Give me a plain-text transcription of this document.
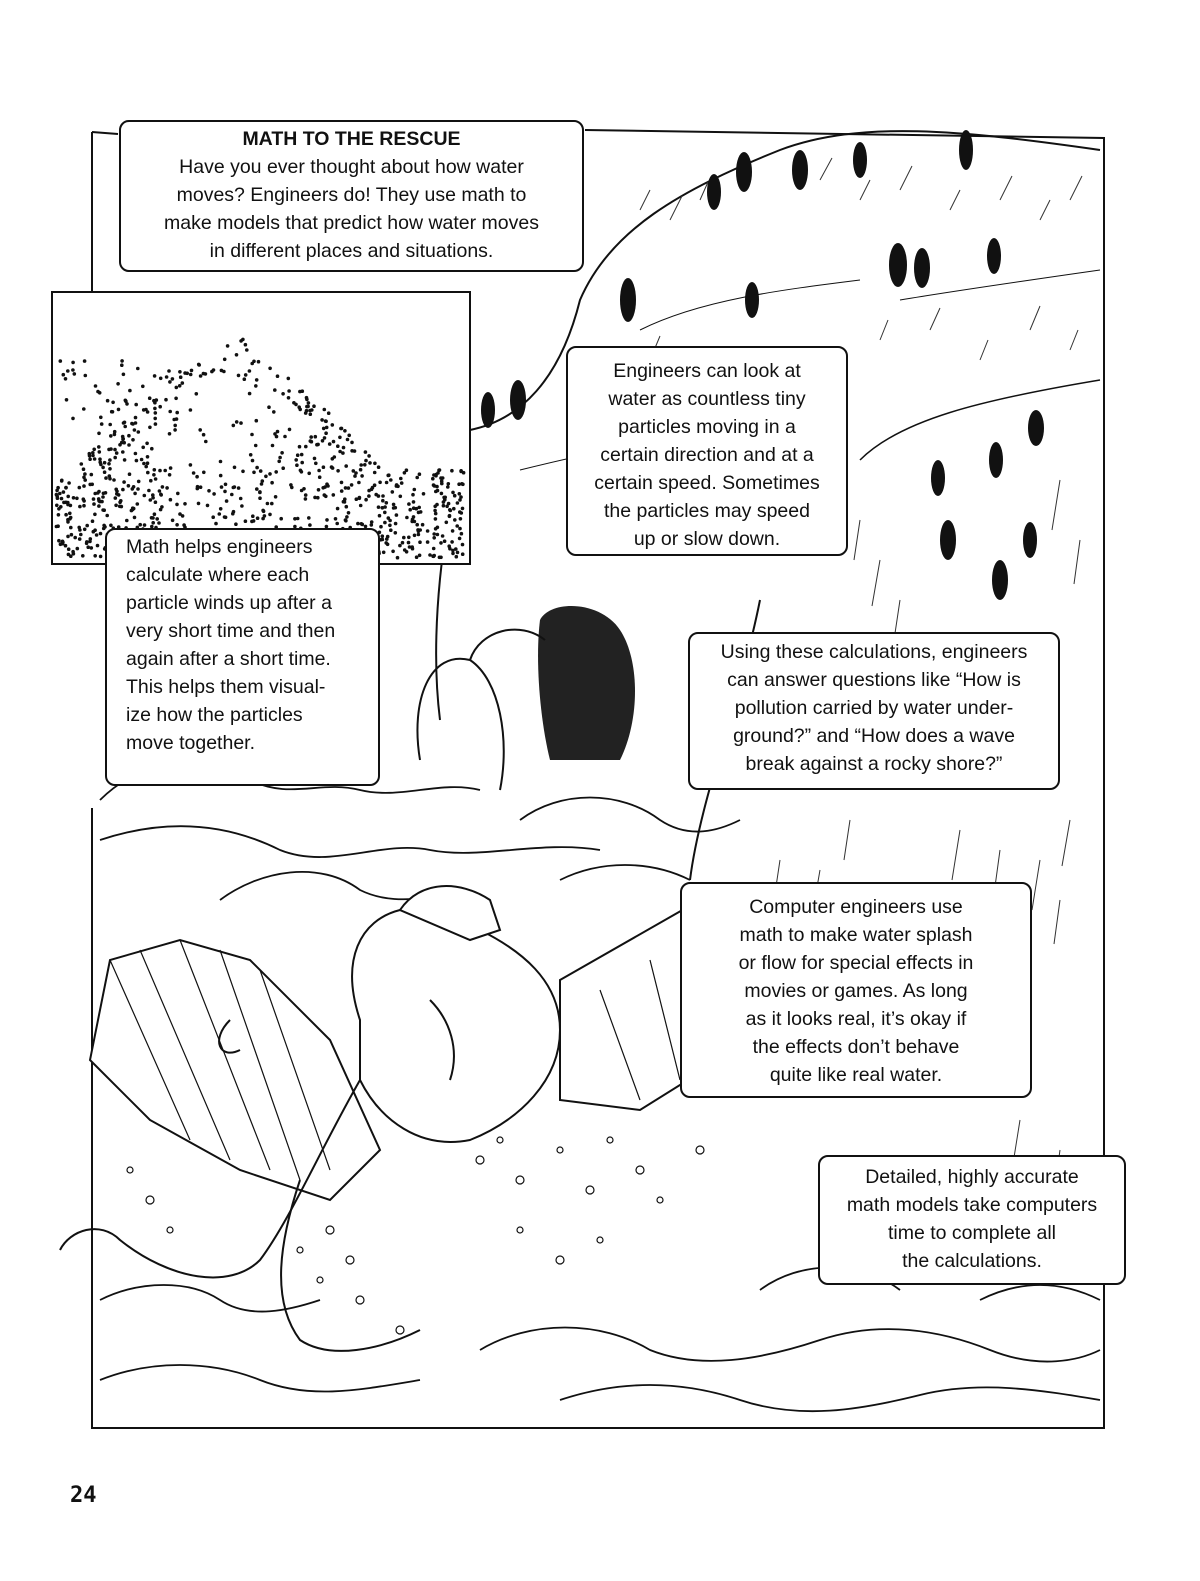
MATH TO THE RESCUE

Have you ever thought about how water

moves? Engineers do! They use math to

make models that predict how water moves

in different places and situations.

Engineers can look at

water as countless tiny

particles moving in a

certain direction and at a

certain speed. Sometimes

the particles may speed

up or slow down.

Math helps engineers

calculate where each

particle winds up after a

very short time and then

again after a short time.

This helps them visual-

ize how the particles

move together.

Using these calculations, engineers

can answer questions like “How is

pollution carried by water under-

ground?” and “How does a wave

break against a rocky shore?”

Computer engineers use

math to make water splash

or flow for special effects in

movies or games. As long

as it looks real, it’s okay if

the effects don’t behave

quite like real water.

Detailed, highly accurate

math models take computers

time to complete all

the calculations.

24
